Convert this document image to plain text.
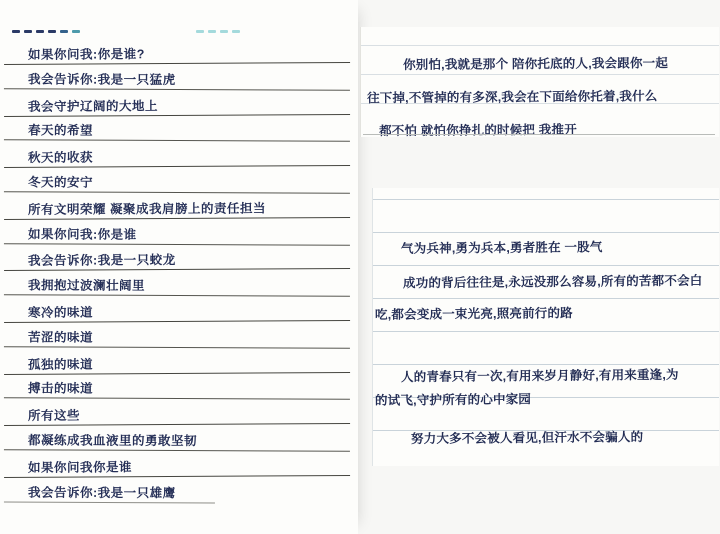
如果你问我:你是谁?
我会告诉你:我是一只猛虎
我会守护辽阔的大地上
春天的希望
秋天的收获
冬天的安宁
所有文明荣耀 凝聚成我肩膀上的责任担当
如果你问我:你是谁
我会告诉你:我是一只蛟龙
我拥抱过波澜壮阔里
寒冷的味道
苦涩的味道
孤独的味道
搏击的味道
所有这些
都凝练成我血液里的勇敢坚韧
如果你问我你是谁
我会告诉你:我是一只雄鹰
你别怕,我就是那个 陪你托底的人,我会跟你一起
往下掉,不管掉的有多深,我会在下面给你托着,我什么
都不怕 就怕你挣扎的时候把 我推开
气为兵神,勇为兵本,勇者胜在 一股气
成功的背后往往是,永远没那么容易,所有的苦都不会白
吃,都会变成一束光亮,照亮前行的路
人的青春只有一次,有用来岁月静好,有用来重逢,为
的试飞,守护所有的心中家园
努力大多不会被人看见,但汗水不会骗人的
